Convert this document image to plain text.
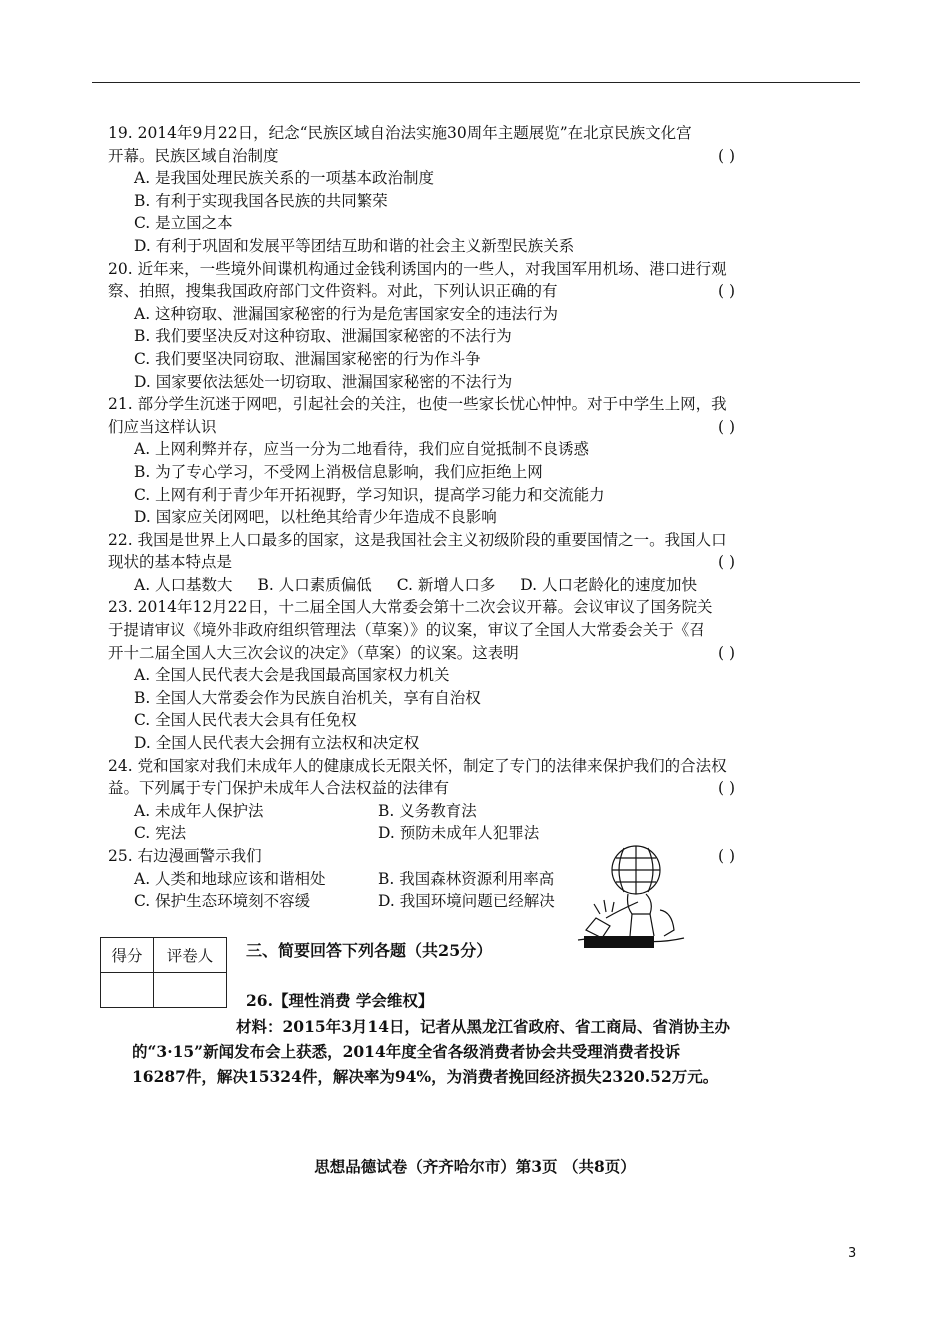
19. 2014年9月22日，纪念“民族区域自治法实施30周年主题展览”在北京民族文化宫
开幕。民族区域自治制度	( )
A. 是我国处理民族关系的一项基本政治制度
B. 有利于实现我国各民族的共同繁荣
C. 是立国之本
D. 有利于巩固和发展平等团结互助和谐的社会主义新型民族关系
20. 近年来，一些境外间谍机构通过金钱利诱国内的一些人，对我国军用机场、港口进行观
察、拍照，搜集我国政府部门文件资料。对此，下列认识正确的有	( )
A. 这种窃取、泄漏国家秘密的行为是危害国家安全的违法行为
B. 我们要坚决反对这种窃取、泄漏国家秘密的不法行为
C. 我们要坚决同窃取、泄漏国家秘密的行为作斗争
D. 国家要依法惩处一切窃取、泄漏国家秘密的不法行为
21. 部分学生沉迷于网吧，引起社会的关注，也使一些家长忧心忡忡。对于中学生上网，我
们应当这样认识	( )
A. 上网利弊并存，应当一分为二地看待，我们应自觉抵制不良诱惑
B. 为了专心学习，不受网上消极信息影响，我们应拒绝上网
C. 上网有利于青少年开拓视野，学习知识，提高学习能力和交流能力
D. 国家应关闭网吧，以杜绝其给青少年造成不良影响
22. 我国是世界上人口最多的国家，这是我国社会主义初级阶段的重要国情之一。我国人口
现状的基本特点是	( )
A. 人口基数大 B. 人口素质偏低 C. 新增人口多 D. 人口老龄化的速度加快
23. 2014年12月22日，十二届全国人大常委会第十二次会议开幕。会议审议了国务院关
于提请审议《境外非政府组织管理法（草案）》的议案，审议了全国人大常委会关于《召
开十二届全国人大三次会议的决定》（草案）的议案。这表明	( )
A. 全国人民代表大会是我国最高国家权力机关
B. 全国人大常委会作为民族自治机关，享有自治权
C. 全国人民代表大会具有任免权
D. 全国人民代表大会拥有立法权和决定权
24. 党和国家对我们未成年人的健康成长无限关怀，制定了专门的法律来保护我们的合法权
益。下列属于专门保护未成年人合法权益的法律有	( )
A. 未成年人保护法	B. 义务教育法
C. 宪法	D. 预防未成年人犯罪法
25. 右边漫画警示我们	( )
A. 人类和地球应该和谐相处	B. 我国森林资源利用率高
C. 保护生态环境刻不容缓	D. 我国环境问题已经解决
得分	评卷人
	三、简要回答下列各题（共25分）
26.【理性消费 学会维权】
材料：2015年3月14日，记者从黑龙江省政府、省工商局、省消协主办
的“3·15”新闻发布会上获悉，2014年度全省各级消费者协会共受理消费者投诉
16287件，解决15324件，解决率为94%，为消费者挽回经济损失2320.52万元。
思想品德试卷（齐齐哈尔市）第3页 （共8页）
3
